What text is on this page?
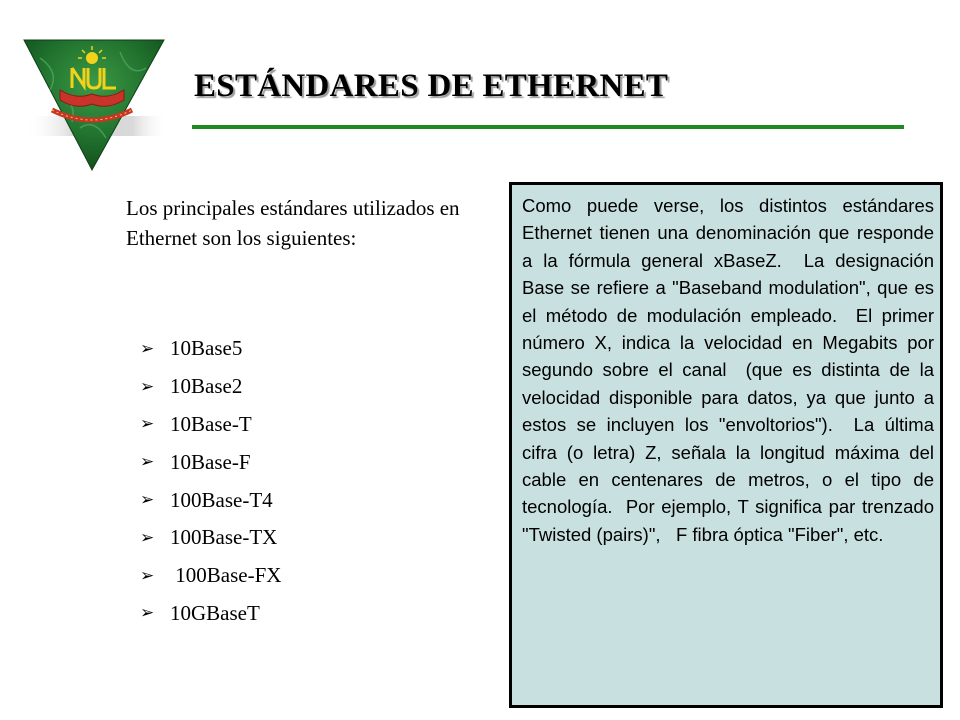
ESTÁNDARES DE ETHERNET

Los principales estándares utilizados en Ethernet son los siguientes:

➢ 10Base5
➢ 10Base2
➢ 10Base-T
➢ 10Base-F
➢ 100Base-T4
➢ 100Base-TX
➢ 100Base-FX
➢ 10GBaseT

Como puede verse, los distintos estándares Ethernet tienen una denominación que responde a la fórmula general xBaseZ.  La designación Base se refiere a "Baseband modulation", que es el método de modulación empleado.  El primer número X, indica la velocidad en Megabits por segundo sobre el canal  (que es distinta de la velocidad disponible para datos, ya que junto a estos se incluyen los "envoltorios").  La última cifra (o letra) Z, señala la longitud máxima del cable en centenares de metros, o el tipo de tecnología.  Por ejemplo, T significa par trenzado "Twisted (pairs)",   F fibra óptica "Fiber", etc.
